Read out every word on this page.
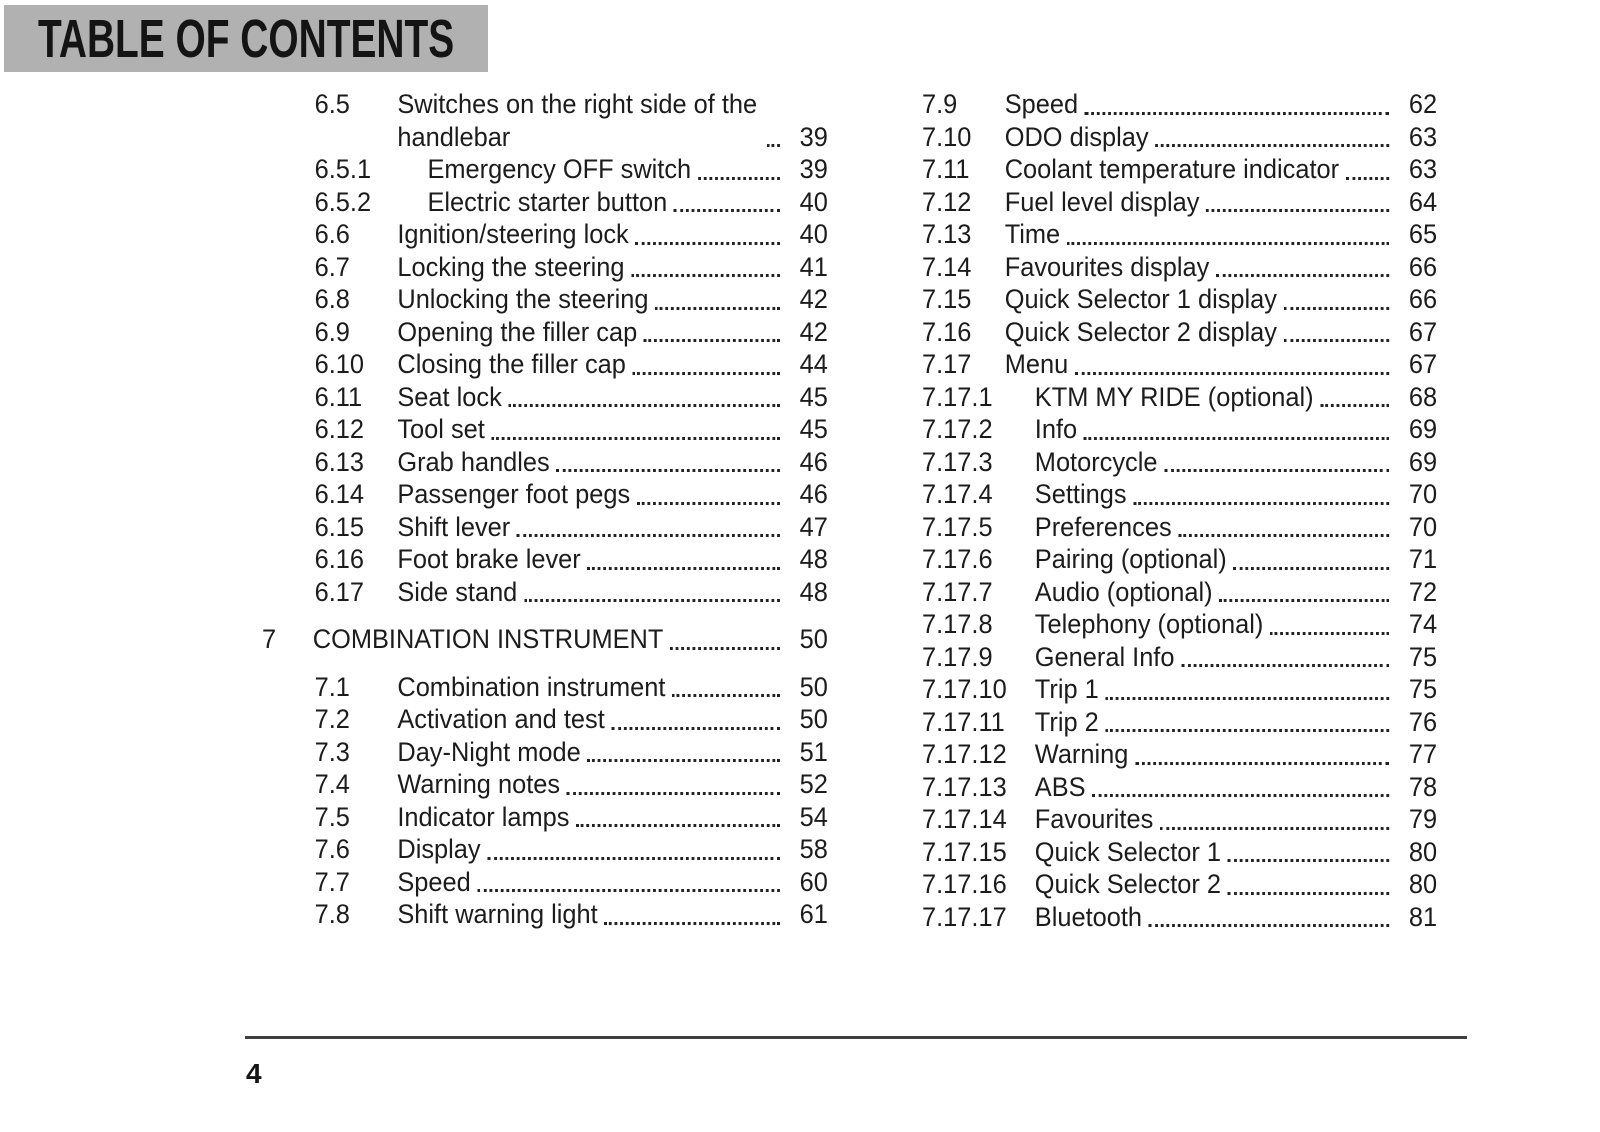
TABLE OF CONTENTS
6.5	Switches on the right side of the handlebar	39
6.5.1	Emergency OFF switch	39
6.5.2	Electric starter button	40
6.6	Ignition/steering lock	40
6.7	Locking the steering	41
6.8	Unlocking the steering	42
6.9	Opening the filler cap	42
6.10	Closing the filler cap	44
6.11	Seat lock	45
6.12	Tool set	45
6.13	Grab handles	46
6.14	Passenger foot pegs	46
6.15	Shift lever	47
6.16	Foot brake lever	48
6.17	Side stand	48
7	COMBINATION INSTRUMENT	50
7.1	Combination instrument	50
7.2	Activation and test	50
7.3	Day-Night mode	51
7.4	Warning notes	52
7.5	Indicator lamps	54
7.6	Display	58
7.7	Speed	60
7.8	Shift warning light	61
7.9	Speed	62
7.10	ODO display	63
7.11	Coolant temperature indicator	63
7.12	Fuel level display	64
7.13	Time	65
7.14	Favourites display	66
7.15	Quick Selector 1 display	66
7.16	Quick Selector 2 display	67
7.17	Menu	67
7.17.1	KTM MY RIDE (optional)	68
7.17.2	Info	69
7.17.3	Motorcycle	69
7.17.4	Settings	70
7.17.5	Preferences	70
7.17.6	Pairing (optional)	71
7.17.7	Audio (optional)	72
7.17.8	Telephony (optional)	74
7.17.9	General Info	75
7.17.10	Trip 1	75
7.17.11	Trip 2	76
7.17.12	Warning	77
7.17.13	ABS	78
7.17.14	Favourites	79
7.17.15	Quick Selector 1	80
7.17.16	Quick Selector 2	80
7.17.17	Bluetooth	81
4
